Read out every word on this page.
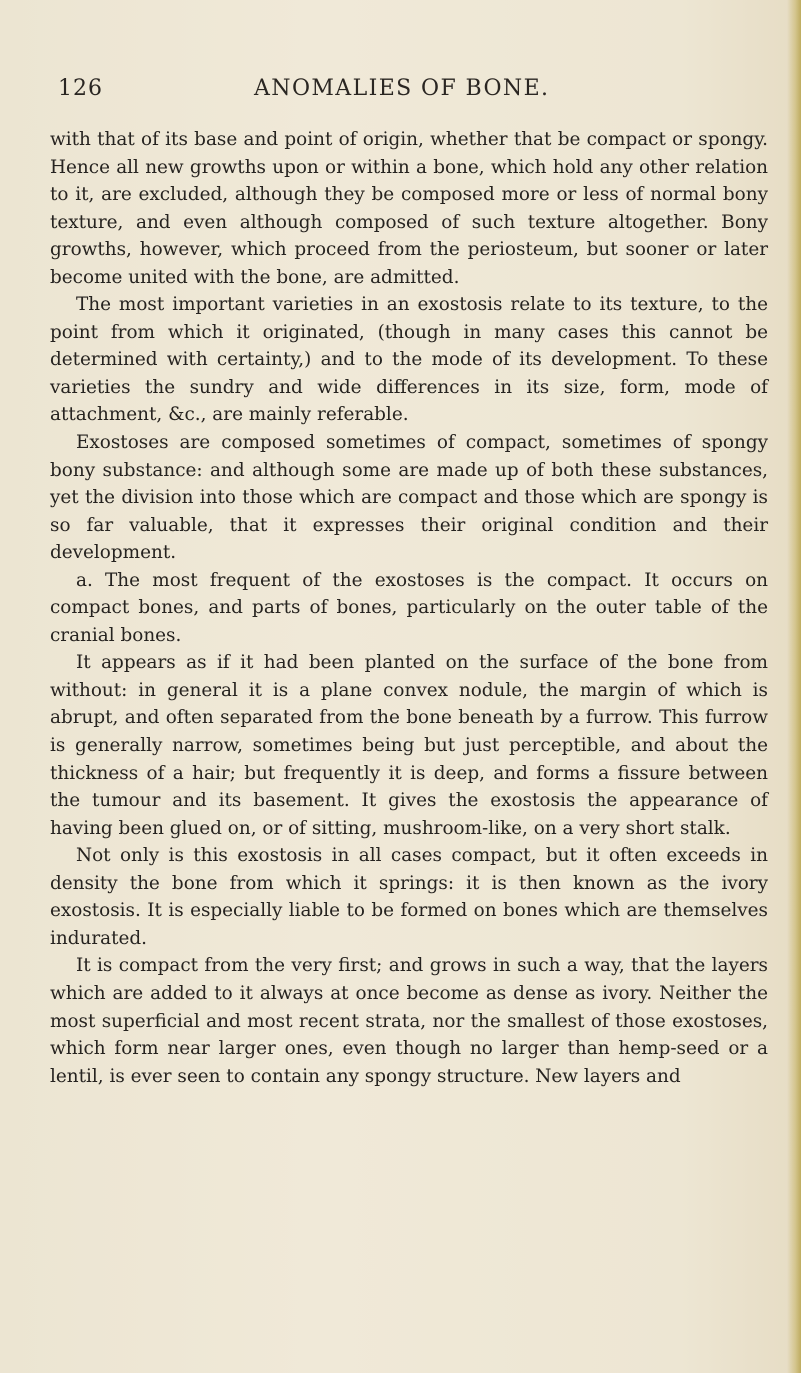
126	ANOMALIES OF BONE.

with that of its base and point of origin, whether that be compact or spongy. Hence all new growths upon or within a bone, which hold any other relation to it, are excluded, although they be composed more or less of normal bony texture, and even although composed of such texture altogether. Bony growths, however, which proceed from the periosteum, but sooner or later become united with the bone, are admitted.

The most important varieties in an exostosis relate to its texture, to the point from which it originated, (though in many cases this cannot be determined with certainty,) and to the mode of its development. To these varieties the sundry and wide differences in its size, form, mode of attachment, &c., are mainly referable.

Exostoses are composed sometimes of compact, sometimes of spongy bony substance: and although some are made up of both these substances, yet the division into those which are compact and those which are spongy is so far valuable, that it expresses their original condition and their development.

a. The most frequent of the exostoses is the compact. It occurs on compact bones, and parts of bones, particularly on the outer table of the cranial bones.

It appears as if it had been planted on the surface of the bone from without: in general it is a plane convex nodule, the margin of which is abrupt, and often separated from the bone beneath by a furrow. This furrow is generally narrow, sometimes being but just perceptible, and about the thickness of a hair; but frequently it is deep, and forms a fissure between the tumour and its basement. It gives the exostosis the appearance of having been glued on, or of sitting, mushroom-like, on a very short stalk.

Not only is this exostosis in all cases compact, but it often exceeds in density the bone from which it springs: it is then known as the ivory exostosis. It is especially liable to be formed on bones which are themselves indurated.

It is compact from the very first; and grows in such a way, that the layers which are added to it always at once become as dense as ivory. Neither the most superficial and most recent strata, nor the smallest of those exostoses, which form near larger ones, even though no larger than hemp-seed or a lentil, is ever seen to contain any spongy structure. New layers and
